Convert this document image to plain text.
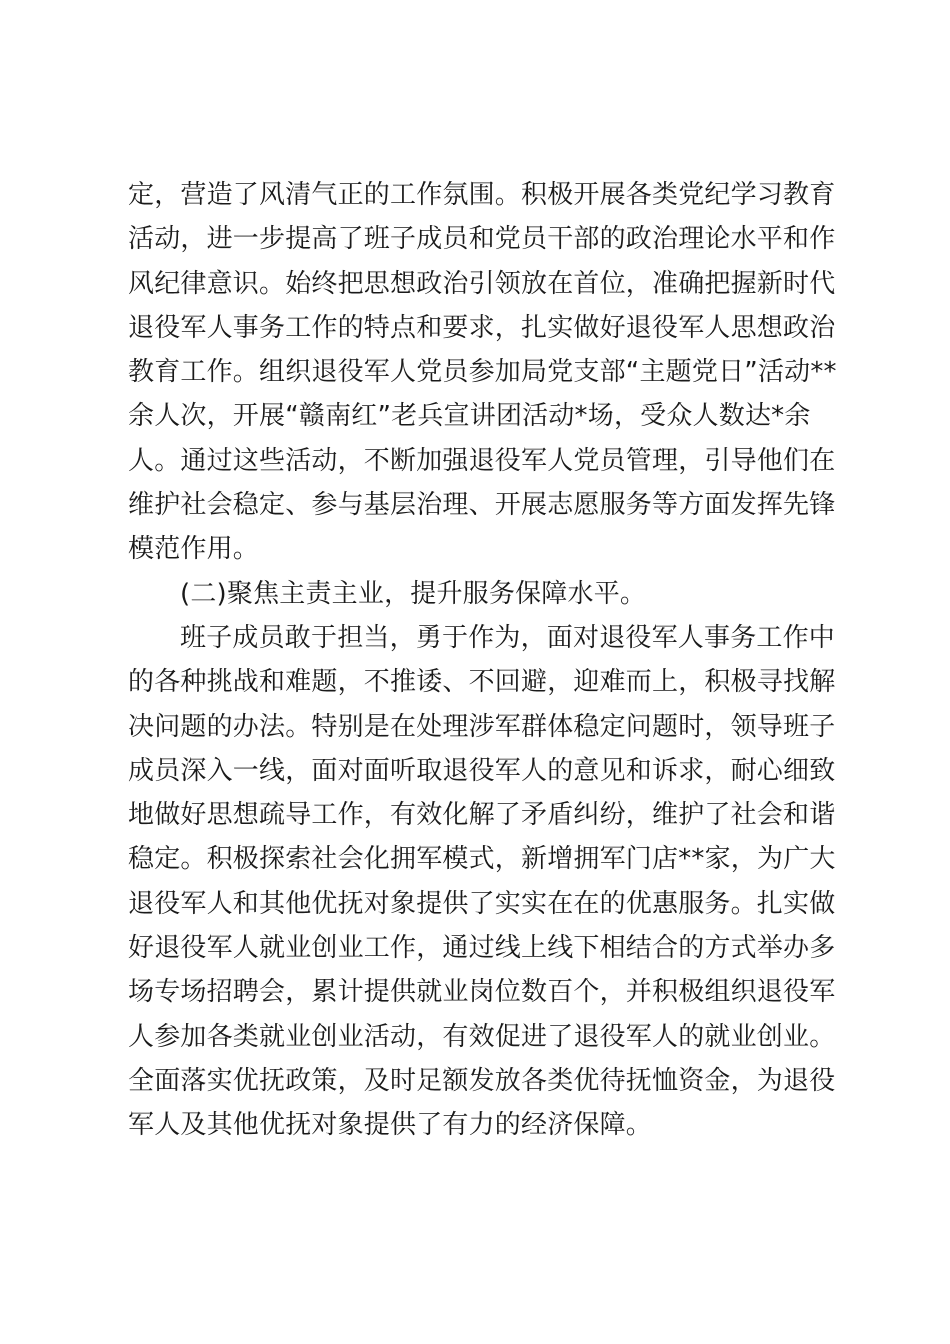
定，营造了风清气正的工作氛围。积极开展各类党纪学习教育
活动，进一步提高了班子成员和党员干部的政治理论水平和作
风纪律意识。始终把思想政治引领放在首位，准确把握新时代
退役军人事务工作的特点和要求，扎实做好退役军人思想政治
教育工作。组织退役军人党员参加局党支部“主题党日”活动**
余人次，开展“赣南红”老兵宣讲团活动*场，受众人数达*余
人。通过这些活动，不断加强退役军人党员管理，引导他们在
维护社会稳定、参与基层治理、开展志愿服务等方面发挥先锋
模范作用。
(二)聚焦主责主业，提升服务保障水平。
班子成员敢于担当，勇于作为，面对退役军人事务工作中
的各种挑战和难题，不推诿、不回避，迎难而上，积极寻找解
决问题的办法。特别是在处理涉军群体稳定问题时，领导班子
成员深入一线，面对面听取退役军人的意见和诉求，耐心细致
地做好思想疏导工作，有效化解了矛盾纠纷，维护了社会和谐
稳定。积极探索社会化拥军模式，新增拥军门店**家，为广大
退役军人和其他优抚对象提供了实实在在的优惠服务。扎实做
好退役军人就业创业工作，通过线上线下相结合的方式举办多
场专场招聘会，累计提供就业岗位数百个，并积极组织退役军
人参加各类就业创业活动，有效促进了退役军人的就业创业。
全面落实优抚政策，及时足额发放各类优待抚恤资金，为退役
军人及其他优抚对象提供了有力的经济保障。
